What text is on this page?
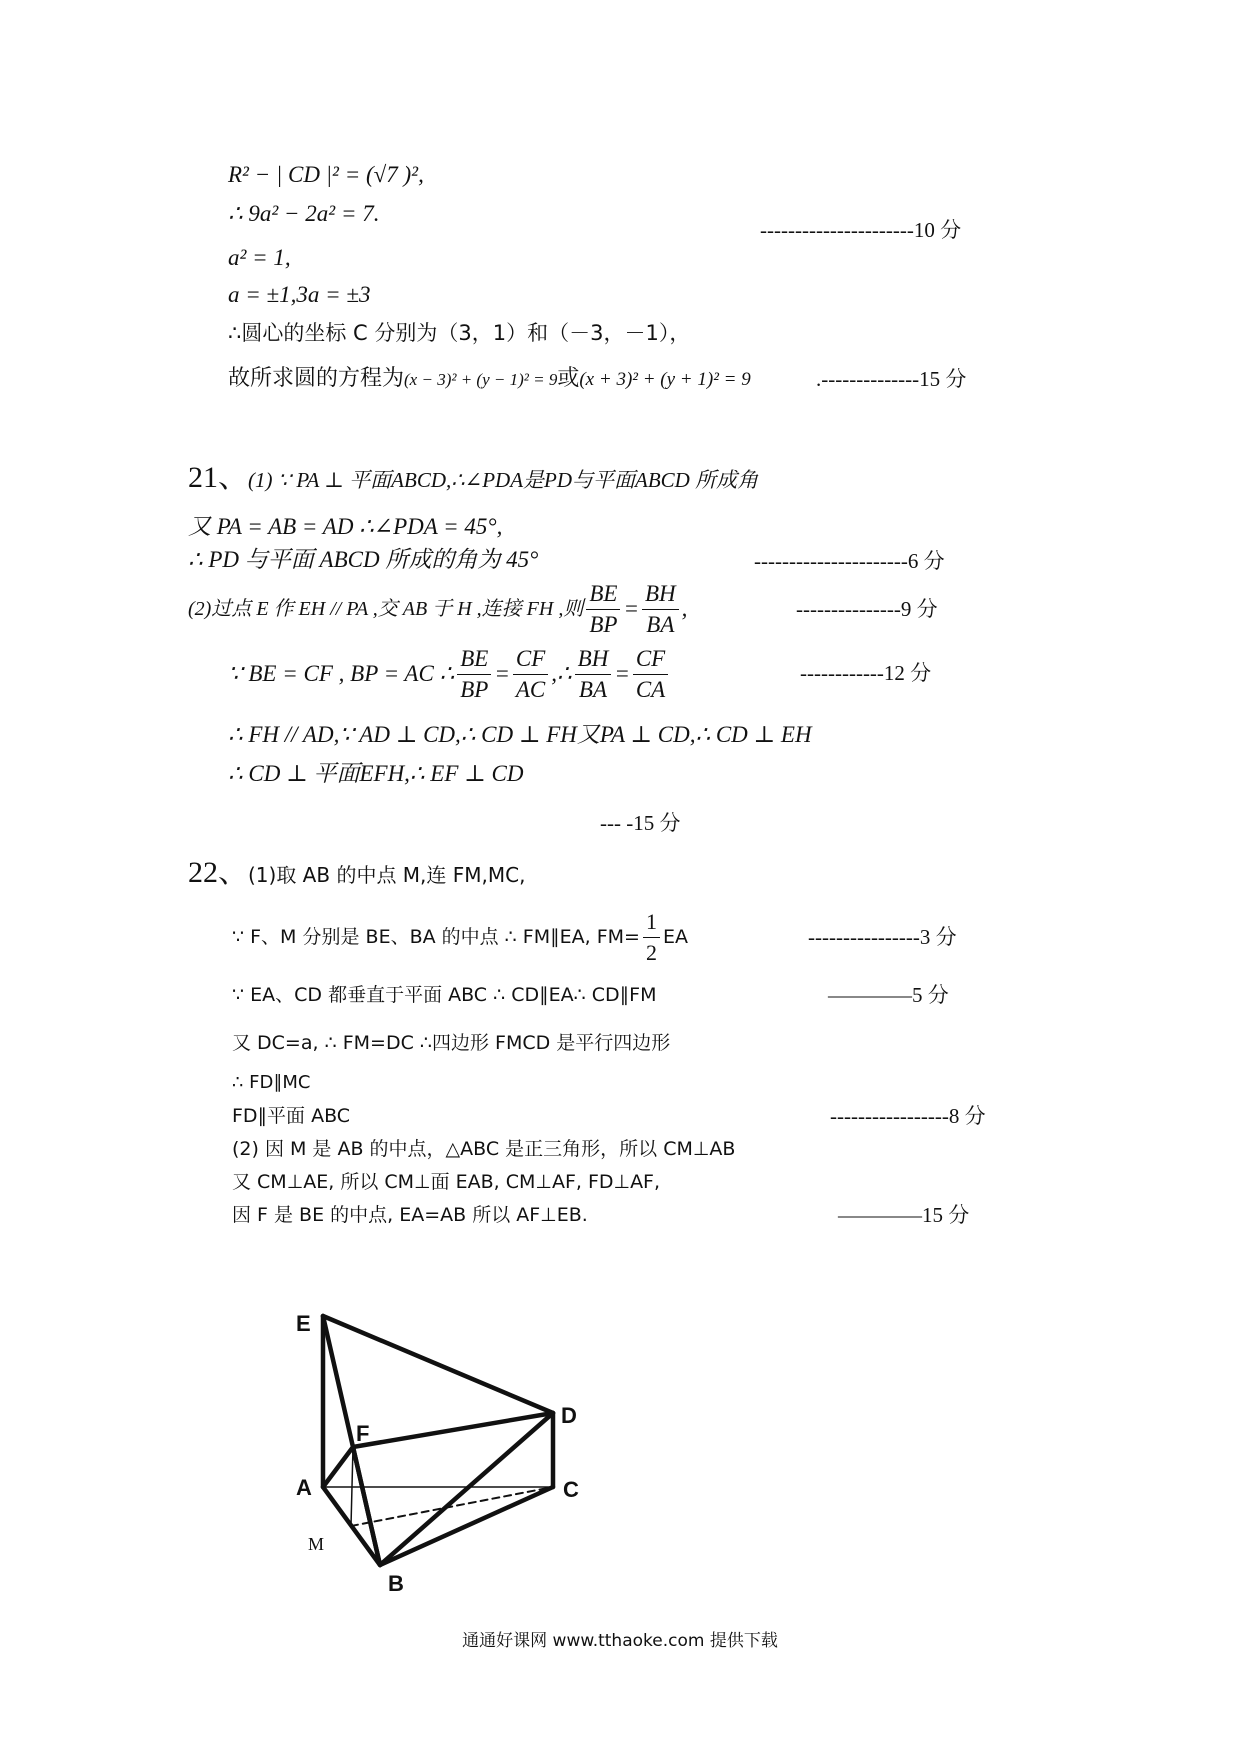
R² − | CD |² = (√7 )²,
∴ 9a² − 2a² = 7.
----------------------10 分
a² = 1,
a = ±1,3a = ±3
∴圆心的坐标 C 分别为（3，1）和（－3，－1），
故所求圆的方程为(x − 3)² + (y − 1)² = 9或(x + 3)² + (y + 1)² = 9	.--------------15 分
21、(1) ∵ PA ⊥ 平面ABCD,∴∠PDA是PD与平面ABCD 所成角
又 PA = AB = AD ∴∠PDA = 45°,
∴ PD 与平面 ABCD 所成的角为 45°	----------------------6 分
(2)过点 E 作 EH // PA ,交 AB 于 H ,连接 FH ,则 $\frac{BE}{BP} = \frac{BH}{BA}$ ,	---------------9 分
∵ BE = CF , BP = AC ∴ $\frac{BE}{BP} = \frac{CF}{AC}$ ,∴ $\frac{BH}{BA} = \frac{CF}{CA}$	------------12 分
∴ FH // AD,∵ AD ⊥ CD,∴ CD ⊥ FH又PA ⊥ CD,∴ CD ⊥ EH
∴ CD ⊥ 平面EFH,∴ EF ⊥ CD
--- -15 分
22、(1)取 AB 的中点 M,连 FM,MC,
∵ F、M 分别是 BE、BA 的中点 ∴ FM∥EA, $FM= \frac{1}{2}$ EA	----------------3 分
∵ EA、CD 都垂直于平面 ABC ∴ CD∥EA∴ CD∥FM	————5 分
又 DC=a, ∴ FM=DC ∴四边形 FMCD 是平行四边形
∴ FD∥MC
FD∥平面 ABC	-----------------8 分
(2) 因 M 是 AB 的中点，△ABC 是正三角形，所以 CM⊥AB
又 CM⊥AE, 所以 CM⊥面 EAB, CM⊥AF, FD⊥AF,
因 F 是 BE 的中点, EA=AB 所以 AF⊥EB.	————15 分
E
F
D
A	C
B
M
通通好课网 www.tthaoke.com 提供下载
